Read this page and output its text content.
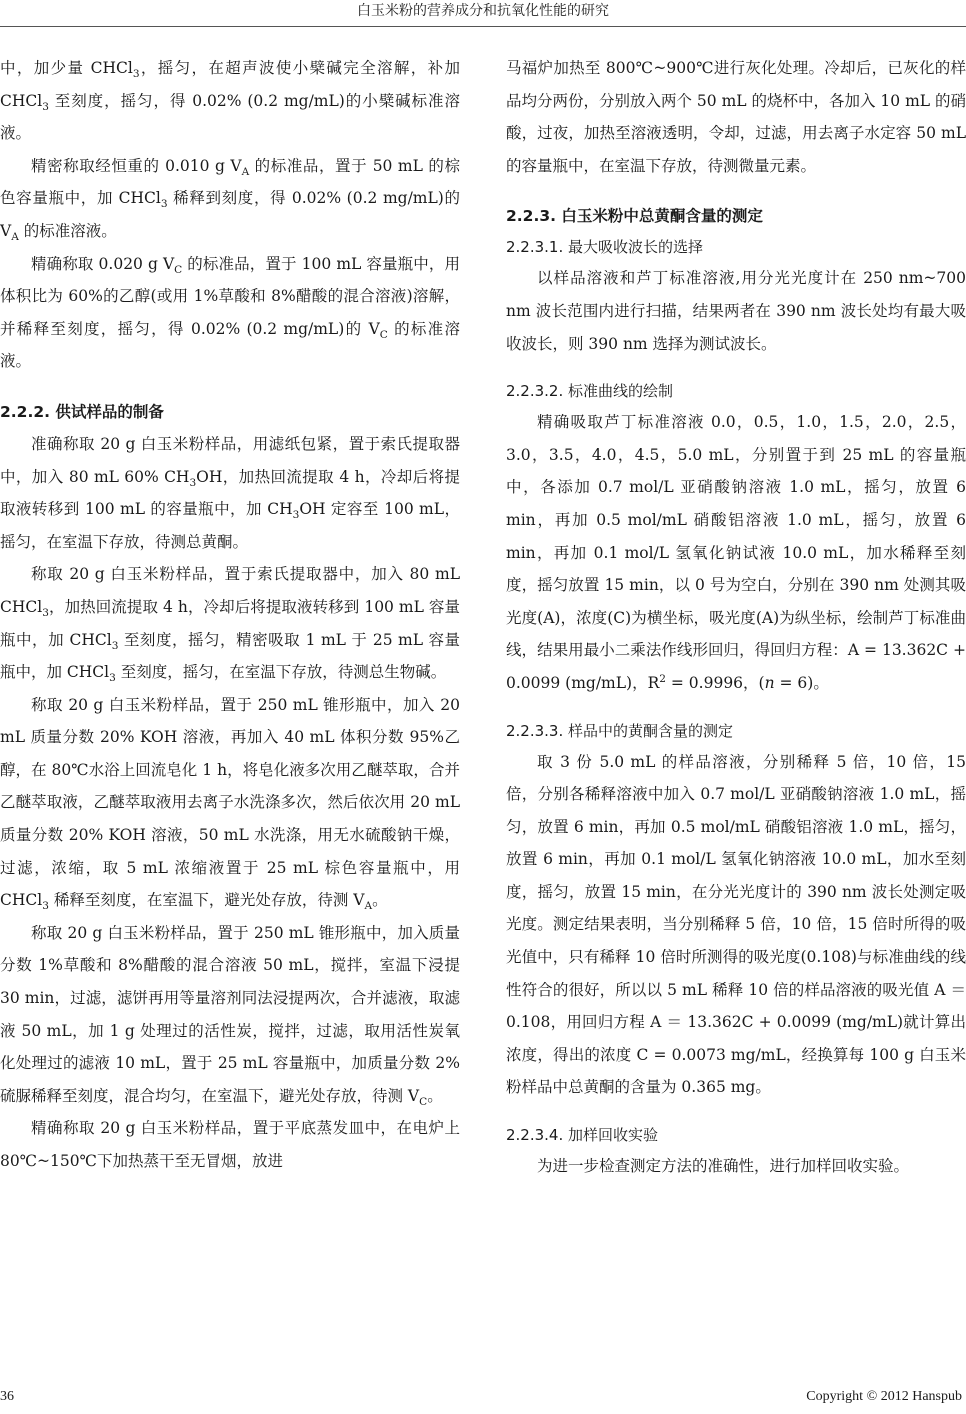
白玉米粉的营养成分和抗氧化性能的研究

中，加少量 CHCl$_3$，摇匀，在超声波使小檗碱完全溶解，补加 CHCl$_3$ 至刻度，摇匀，得 0.02% (0.2 mg/mL)的小檗碱标准溶液。

精密称取经恒重的 0.010 g $V_A$ 的标准品，置于 50 mL 的棕色容量瓶中，加 CHCl$_3$ 稀释到刻度，得 0.02% (0.2 mg/mL)的 $V_A$ 的标准溶液。

精确称取 0.020 g $V_C$ 的标准品，置于 100 mL 容量瓶中，用体积比为 60%的乙醇(或用 1%草酸和 8%醋酸的混合溶液)溶解，并稀释至刻度，摇匀，得 0.02% (0.2 mg/mL)的 $V_C$ 的标准溶液。

2.2.2. 供试样品的制备

准确称取 20 g 白玉米粉样品，用滤纸包紧，置于索氏提取器中，加入 80 mL 60% $CH_3OH$，加热回流提取 4 h，冷却后将提取液转移到 100 mL 的容量瓶中，加 $CH_3OH$ 定容至 100 mL，摇匀，在室温下存放，待测总黄酮。

称取 20 g 白玉米粉样品，置于索氏提取器中，加入 80 mL CHCl$_3$，加热回流提取 4 h，冷却后将提取液转移到 100 mL 容量瓶中，加 CHCl$_3$ 至刻度，摇匀，精密吸取 1 mL 于 25 mL 容量瓶中，加 CHCl$_3$ 至刻度，摇匀，在室温下存放，待测总生物碱。

称取 20 g 白玉米粉样品，置于 250 mL 锥形瓶中，加入 20 mL 质量分数 20% KOH 溶液，再加入 40 mL 体积分数 95%乙醇，在 80℃水浴上回流皂化 1 h，将皂化液多次用乙醚萃取，合并乙醚萃取液，乙醚萃取液用去离子水洗涤多次，然后依次用 20 mL 质量分数 20% KOH 溶液，50 mL 水洗涤，用无水硫酸钠干燥，过滤，浓缩，取 5 mL 浓缩液置于 25 mL 棕色容量瓶中，用 CHCl$_3$ 稀释至刻度，在室温下，避光处存放，待测 $V_A$。

称取 20 g 白玉米粉样品，置于 250 mL 锥形瓶中，加入质量分数 1%草酸和 8%醋酸的混合溶液 50 mL，搅拌，室温下浸提 30 min，过滤，滤饼再用等量溶剂同法浸提两次，合并滤液，取滤液 50 mL，加 1 g 处理过的活性炭，搅拌，过滤，取用活性炭氧化处理过的滤液 10 mL，置于 25 mL 容量瓶中，加质量分数 2%硫脲稀释至刻度，混合均匀，在室温下，避光处存放，待测 $V_C$。

精确称取 20 g 白玉米粉样品，置于平底蒸发皿中，在电炉上 80℃~150℃下加热蒸干至无冒烟，放进

马福炉加热至 800℃~900℃进行灰化处理。冷却后，已灰化的样品均分两份，分别放入两个 50 mL 的烧杯中，各加入 10 mL 的硝酸，过夜，加热至溶液透明，令却，过滤，用去离子水定容 50 mL 的容量瓶中，在室温下存放，待测微量元素。

2.2.3. 白玉米粉中总黄酮含量的测定
2.2.3.1. 最大吸收波长的选择

以样品溶液和芦丁标准溶液,用分光光度计在 250 nm~700 nm 波长范围内进行扫描，结果两者在 390 nm 波长处均有最大吸收波长，则 390 nm 选择为测试波长。

2.2.3.2. 标准曲线的绘制

精确吸取芦丁标准溶液 0.0，0.5，1.0，1.5，2.0，2.5，3.0，3.5，4.0，4.5，5.0 mL，分别置于到 25 mL 的容量瓶中，各添加 0.7 mol/L 亚硝酸钠溶液 1.0 mL，摇匀，放置 6 min，再加 0.5 mol/mL 硝酸铝溶液 1.0 mL，摇匀，放置 6 min，再加 0.1 mol/L 氢氧化钠试液 10.0 mL，加水稀释至刻度，摇匀放置 15 min，以 0 号为空白，分别在 390 nm 处测其吸光度(A)，浓度(C)为横坐标，吸光度(A)为纵坐标，绘制芦丁标准曲线，结果用最小二乘法作线形回归，得回归方程：A = 13.362C + 0.0099 (mg/mL)，$R^2 = 0.9996$，(n = 6)。

2.2.3.3. 样品中的黄酮含量的测定

取 3 份 5.0 mL 的样品溶液，分别稀释 5 倍，10 倍，15 倍，分别各稀释溶液中加入 0.7 mol/L 亚硝酸钠溶液 1.0 mL，摇匀，放置 6 min，再加 0.5 mol/mL 硝酸铝溶液 1.0 mL，摇匀，放置 6 min，再加 0.1 mol/L 氢氧化钠溶液 10.0 mL，加水至刻度，摇匀，放置 15 min，在分光光度计的 390 nm 波长处测定吸光度。测定结果表明，当分别稀释 5 倍，10 倍，15 倍时所得的吸光值中，只有稀释 10 倍时所测得的吸光度(0.108)与标准曲线的线性符合的很好，所以以 5 mL 稀释 10 倍的样品溶液的吸光值 A ＝ 0.108，用回归方程 A ＝ 13.362C + 0.0099 (mg/mL)就计算出浓度，得出的浓度 C = 0.0073 mg/mL，经换算每 100 g 白玉米粉样品中总黄酮的含量为 0.365 mg。

2.2.3.4. 加样回收实验

为进一步检查测定方法的准确性，进行加样回收实验。

36	Copyright © 2012 Hanspub
